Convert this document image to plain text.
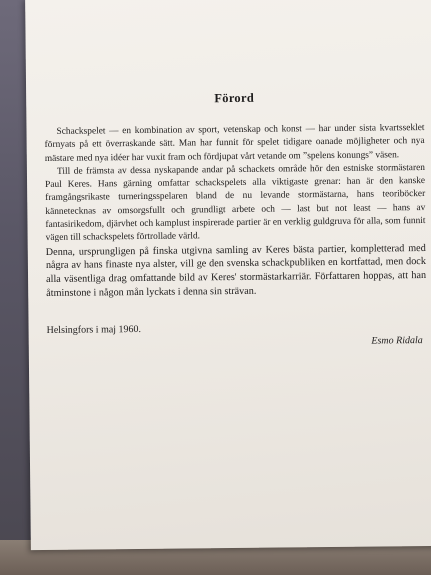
Förord

Schackspelet — en kombination av sport, vetenskap och konst — har under sista kvartsseklet förnyats på ett överraskande sätt. Man har funnit för spelet tidigare oanade möjligheter och nya mästare med nya idéer har vuxit fram och fördjupat vårt vetande om ”spelens konungs” väsen.

Till de främsta av dessa nyskapande andar på schackets område hör den estniske stormästaren Paul Keres. Hans gärning omfattar schackspelets alla viktigaste grenar: han är den kanske framgångsrikaste turneringsspelaren bland de nu levande stormästarna, hans teoriböcker kännetecknas av omsorgsfullt och grundligt arbete och — last but not least — hans av fantasirikedom, djärvhet och kamplust inspirerade partier är en verklig guldgruva för alla, som funnit vägen till schackspelets förtrollade värld.

Denna, ursprungligen på finska utgivna samling av Keres bästa partier, kompletterad med några av hans finaste nya alster, vill ge den svenska schackpubliken en kortfattad, men dock alla väsentliga drag omfattande bild av Keres' stormästarkarriär. Författaren hoppas, att han åtminstone i någon mån lyckats i denna sin strävan.

Helsingfors i maj 1960.
Esmo Ridala
